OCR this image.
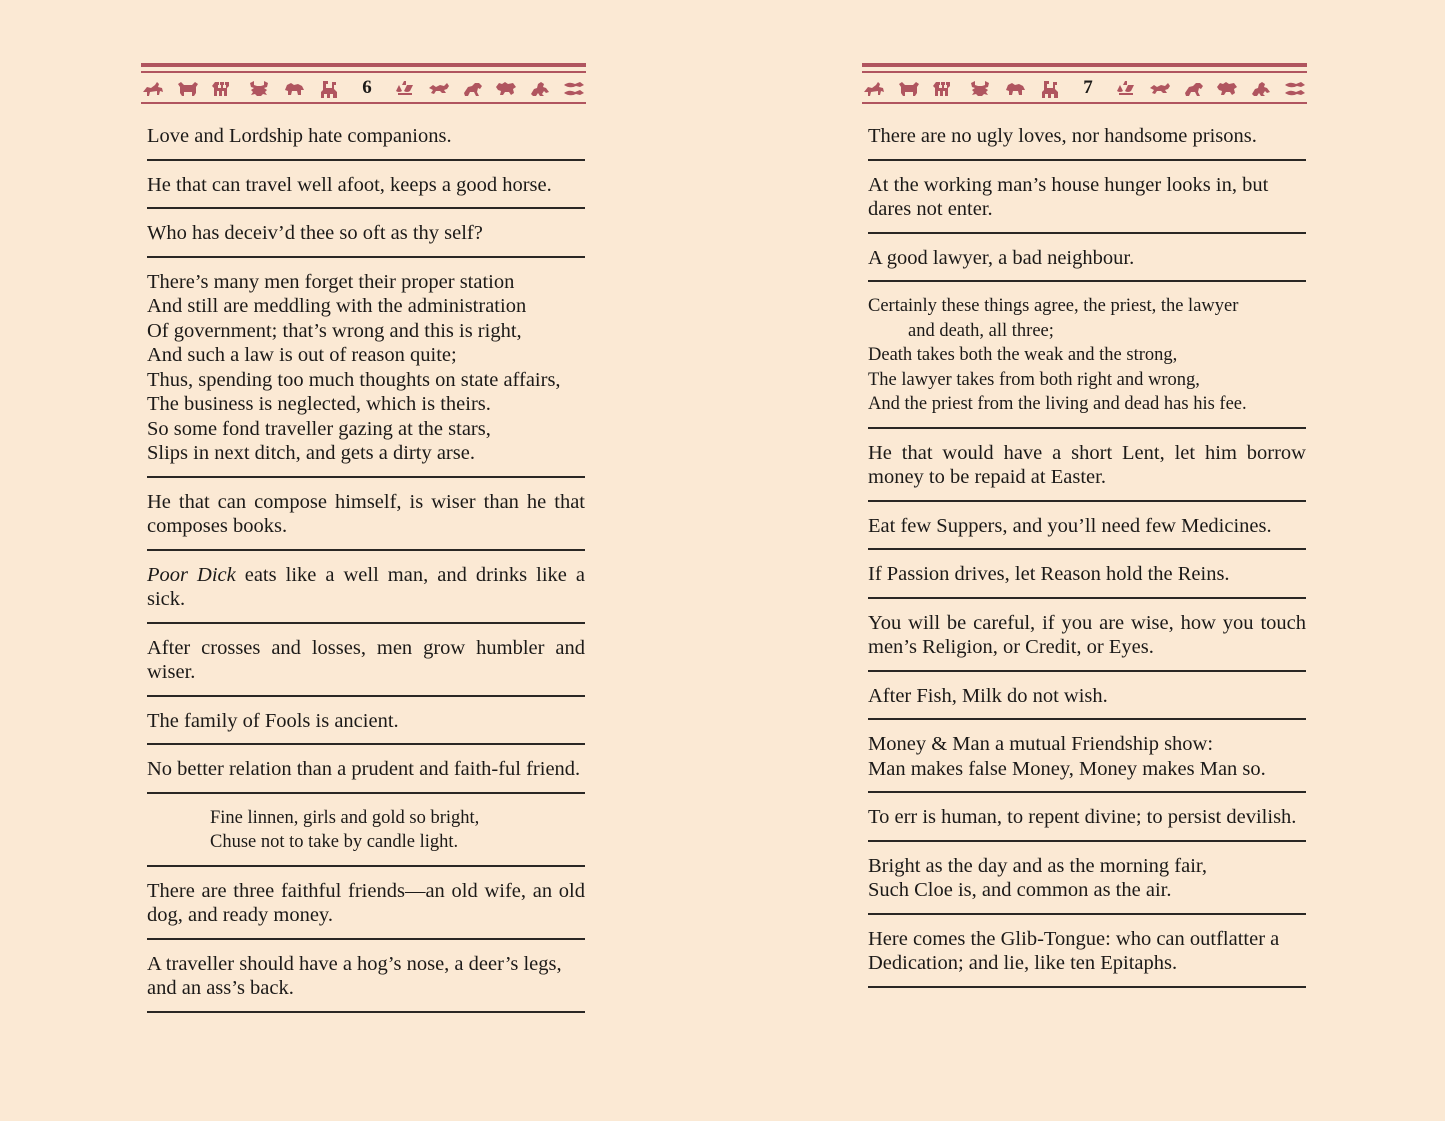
6
Love and Lordship hate companions.
He that can travel well afoot, keeps a good horse.
Who has deceiv’d thee so oft as thy self?
There’s many men forget their proper station
And still are meddling with the administration
Of government; that’s wrong and this is right,
And such a law is out of reason quite;
Thus, spending too much thoughts on state affairs,
The business is neglected, which is theirs.
So some fond traveller gazing at the stars,
Slips in next ditch, and gets a dirty arse.
He that can compose himself, is wiser than he that composes books.
Poor Dick eats like a well man, and drinks like a sick.
After crosses and losses, men grow humbler and wiser.
The family of Fools is ancient.
No better relation than a prudent and faith-ful friend.
Fine linnen, girls and gold so bright,
Chuse not to take by candle light.
There are three faithful friends—an old wife, an old dog, and ready money.
A traveller should have a hog’s nose, a deer’s legs, and an ass’s back.
7
There are no ugly loves, nor handsome prisons.
At the working man’s house hunger looks in, but dares not enter.
A good lawyer, a bad neighbour.
Certainly these things agree, the priest, the lawyer
and death, all three;
Death takes both the weak and the strong,
The lawyer takes from both right and wrong,
And the priest from the living and dead has his fee.
He that would have a short Lent, let him borrow money to be repaid at Easter.
Eat few Suppers, and you’ll need few Medicines.
If Passion drives, let Reason hold the Reins.
You will be careful, if you are wise, how you touch men’s Religion, or Credit, or Eyes.
After Fish, Milk do not wish.
Money & Man a mutual Friendship show:
Man makes false Money, Money makes Man so.
To err is human, to repent divine; to persist devilish.
Bright as the day and as the morning fair,
Such Cloe is, and common as the air.
Here comes the Glib-Tongue: who can outflatter a Dedication; and lie, like ten Epitaphs.
